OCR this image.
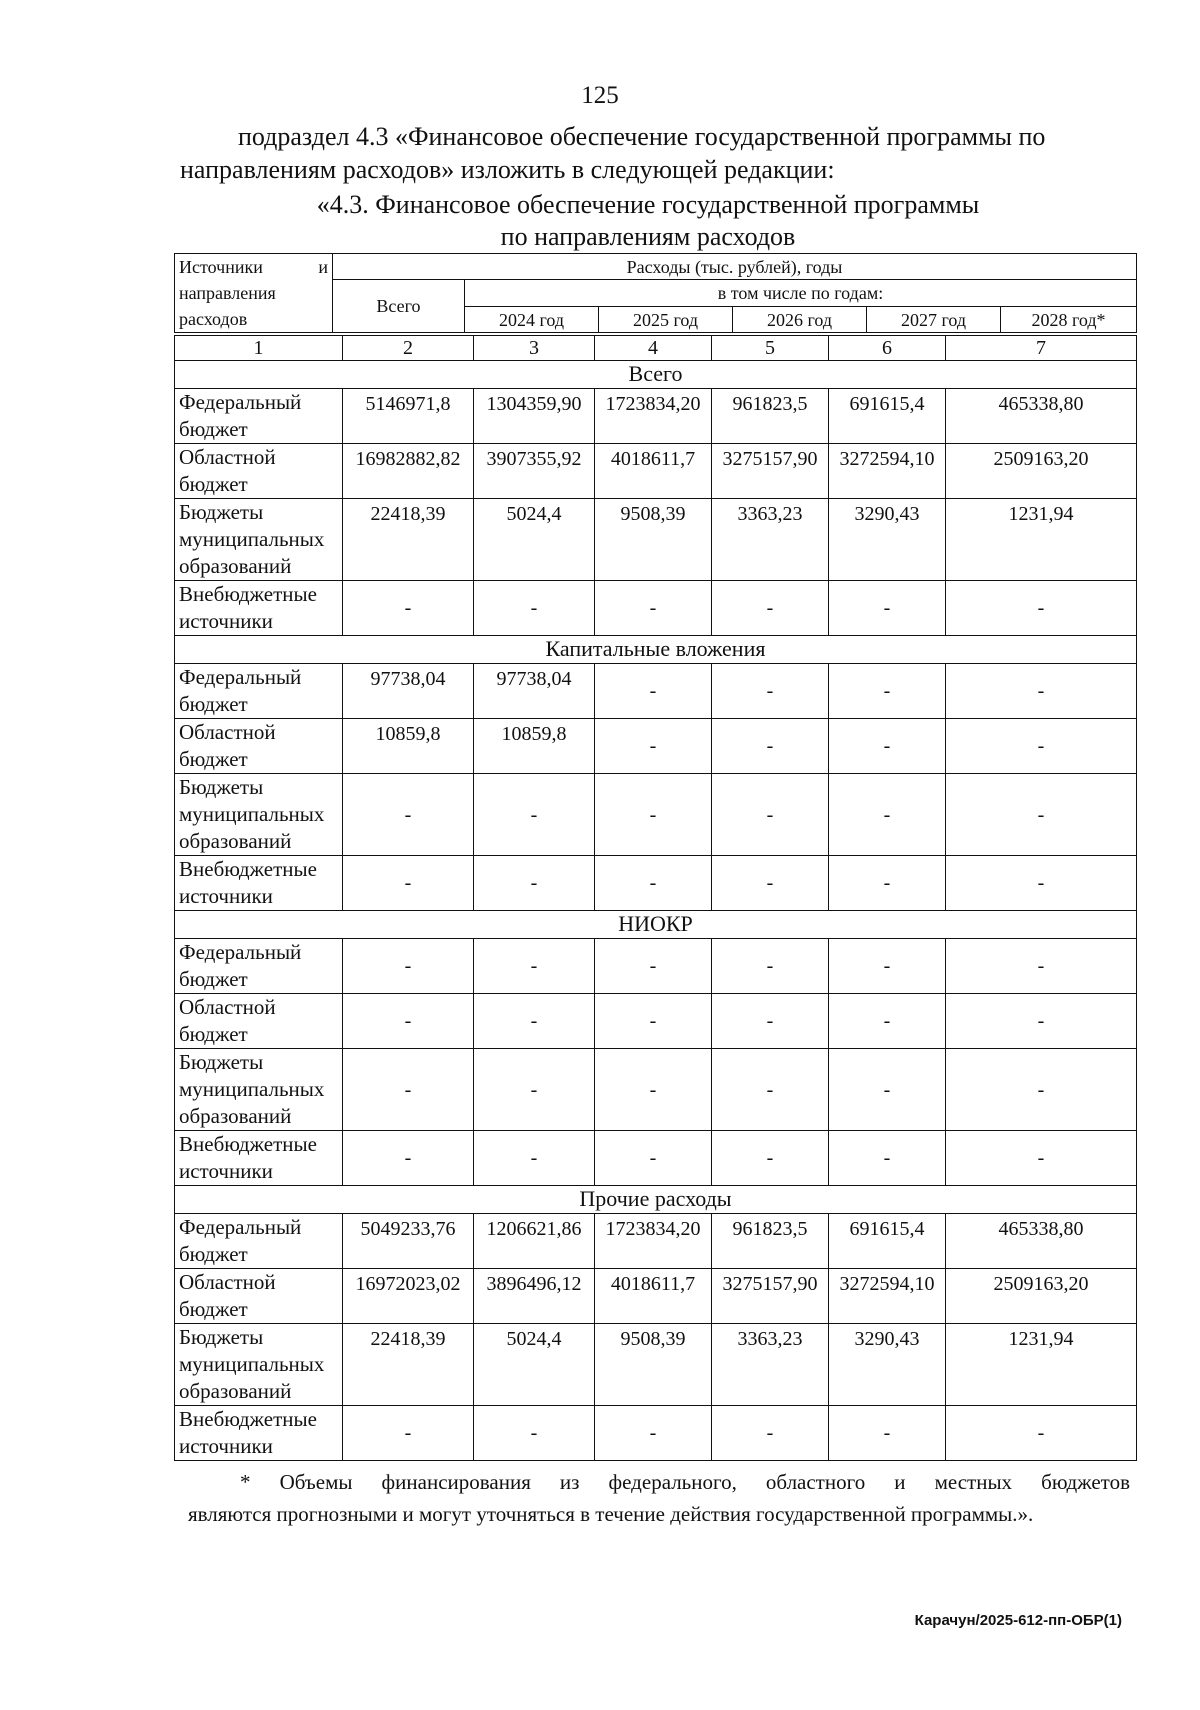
125
подраздел 4.3 «Финансовое обеспечение государственной программы по
направлениям расходов» изложить в следующей редакции:
«4.3. Финансовое обеспечение государственной программы
по направлениям расходов
Источники и
направления
расходов	Расходы (тыс. рублей), годы					
	Всего	в том числе по годам:				
		2024 год	2025 год	2026 год	2027 год	2028 год*
1	2	3	4	5	6	7
Всего						
Федеральный бюджет	5146971,8	1304359,90	1723834,20	961823,5	691615,4	465338,80
Областной бюджет	16982882,82	3907355,92	4018611,7	3275157,90	3272594,10	2509163,20
Бюджеты муниципальных образований	22418,39	5024,4	9508,39	3363,23	3290,43	1231,94
Внебюджетные источники	-	-	-	-	-	-
Капитальные вложения						
Федеральный бюджет	97738,04	97738,04	-	-	-	-
Областной бюджет	10859,8	10859,8	-	-	-	-
Бюджеты муниципальных образований	-	-	-	-	-	-
Внебюджетные источники	-	-	-	-	-	-
НИОКР						
Федеральный бюджет	-	-	-	-	-	-
Областной бюджет	-	-	-	-	-	-
Бюджеты муниципальных образований	-	-	-	-	-	-
Внебюджетные источники	-	-	-	-	-	-
Прочие расходы						
Федеральный бюджет	5049233,76	1206621,86	1723834,20	961823,5	691615,4	465338,80
Областной бюджет	16972023,02	3896496,12	4018611,7	3275157,90	3272594,10	2509163,20
Бюджеты муниципальных образований	22418,39	5024,4	9508,39	3363,23	3290,43	1231,94
Внебюджетные источники	-	-	-	-	-	-
* Объемы финансирования из федерального, областного и местных бюджетов
являются прогнозными и могут уточняться в течение действия государственной программы.».
Карачун/2025-612-пп-ОБР(1)
